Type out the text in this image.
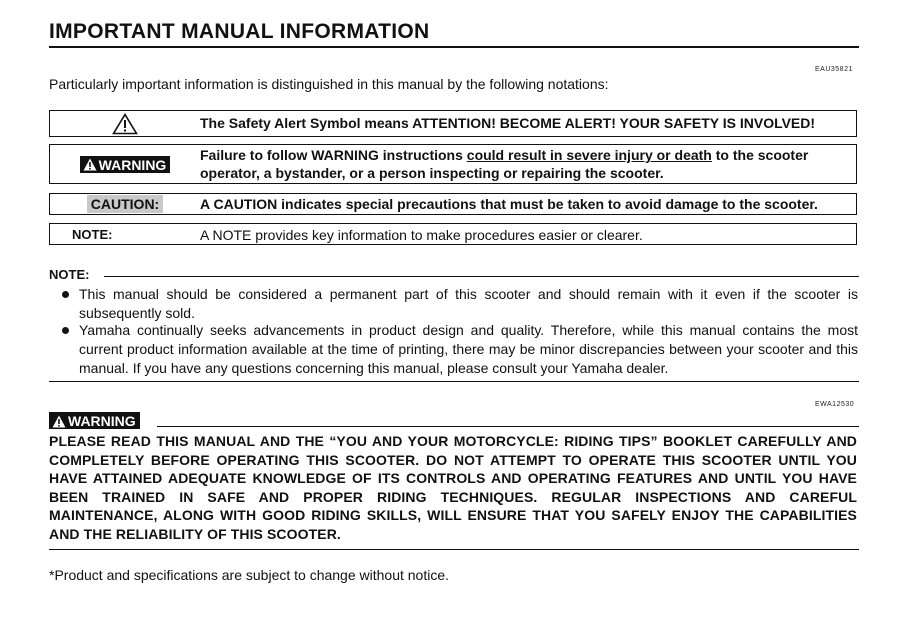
IMPORTANT MANUAL INFORMATION
EAU35821
Particularly important information is distinguished in this manual by the following notations:
The Safety Alert Symbol means ATTENTION! BECOME ALERT! YOUR SAFETY IS INVOLVED!
WARNING
Failure to follow WARNING instructions could result in severe injury or death to the scooter operator, a bystander, or a person inspecting or repairing the scooter.
CAUTION:	A CAUTION indicates special precautions that must be taken to avoid damage to the scooter.
NOTE:	A NOTE provides key information to make procedures easier or clearer.
NOTE:
This manual should be considered a permanent part of this scooter and should remain with it even if the scooter is subsequently sold.
Yamaha continually seeks advancements in product design and quality. Therefore, while this manual contains the most current product information available at the time of printing, there may be minor discrepancies between your scooter and this manual. If you have any questions concerning this manual, please consult your Yamaha dealer.
EWA12530
WARNING
PLEASE READ THIS MANUAL AND THE “YOU AND YOUR MOTORCYCLE: RIDING TIPS” BOOKLET CAREFULLY AND COMPLETELY BEFORE OPERATING THIS SCOOTER. DO NOT ATTEMPT TO OPERATE THIS SCOOTER UNTIL YOU HAVE ATTAINED ADEQUATE KNOWLEDGE OF ITS CONTROLS AND OPERATING FEATURES AND UNTIL YOU HAVE BEEN TRAINED IN SAFE AND PROPER RIDING TECHNIQUES. REGULAR INSPECTIONS AND CAREFUL MAINTENANCE, ALONG WITH GOOD RIDING SKILLS, WILL ENSURE THAT YOU SAFELY ENJOY THE CAPABILITIES AND THE RELIABILITY OF THIS SCOOTER.
*Product and specifications are subject to change without notice.
